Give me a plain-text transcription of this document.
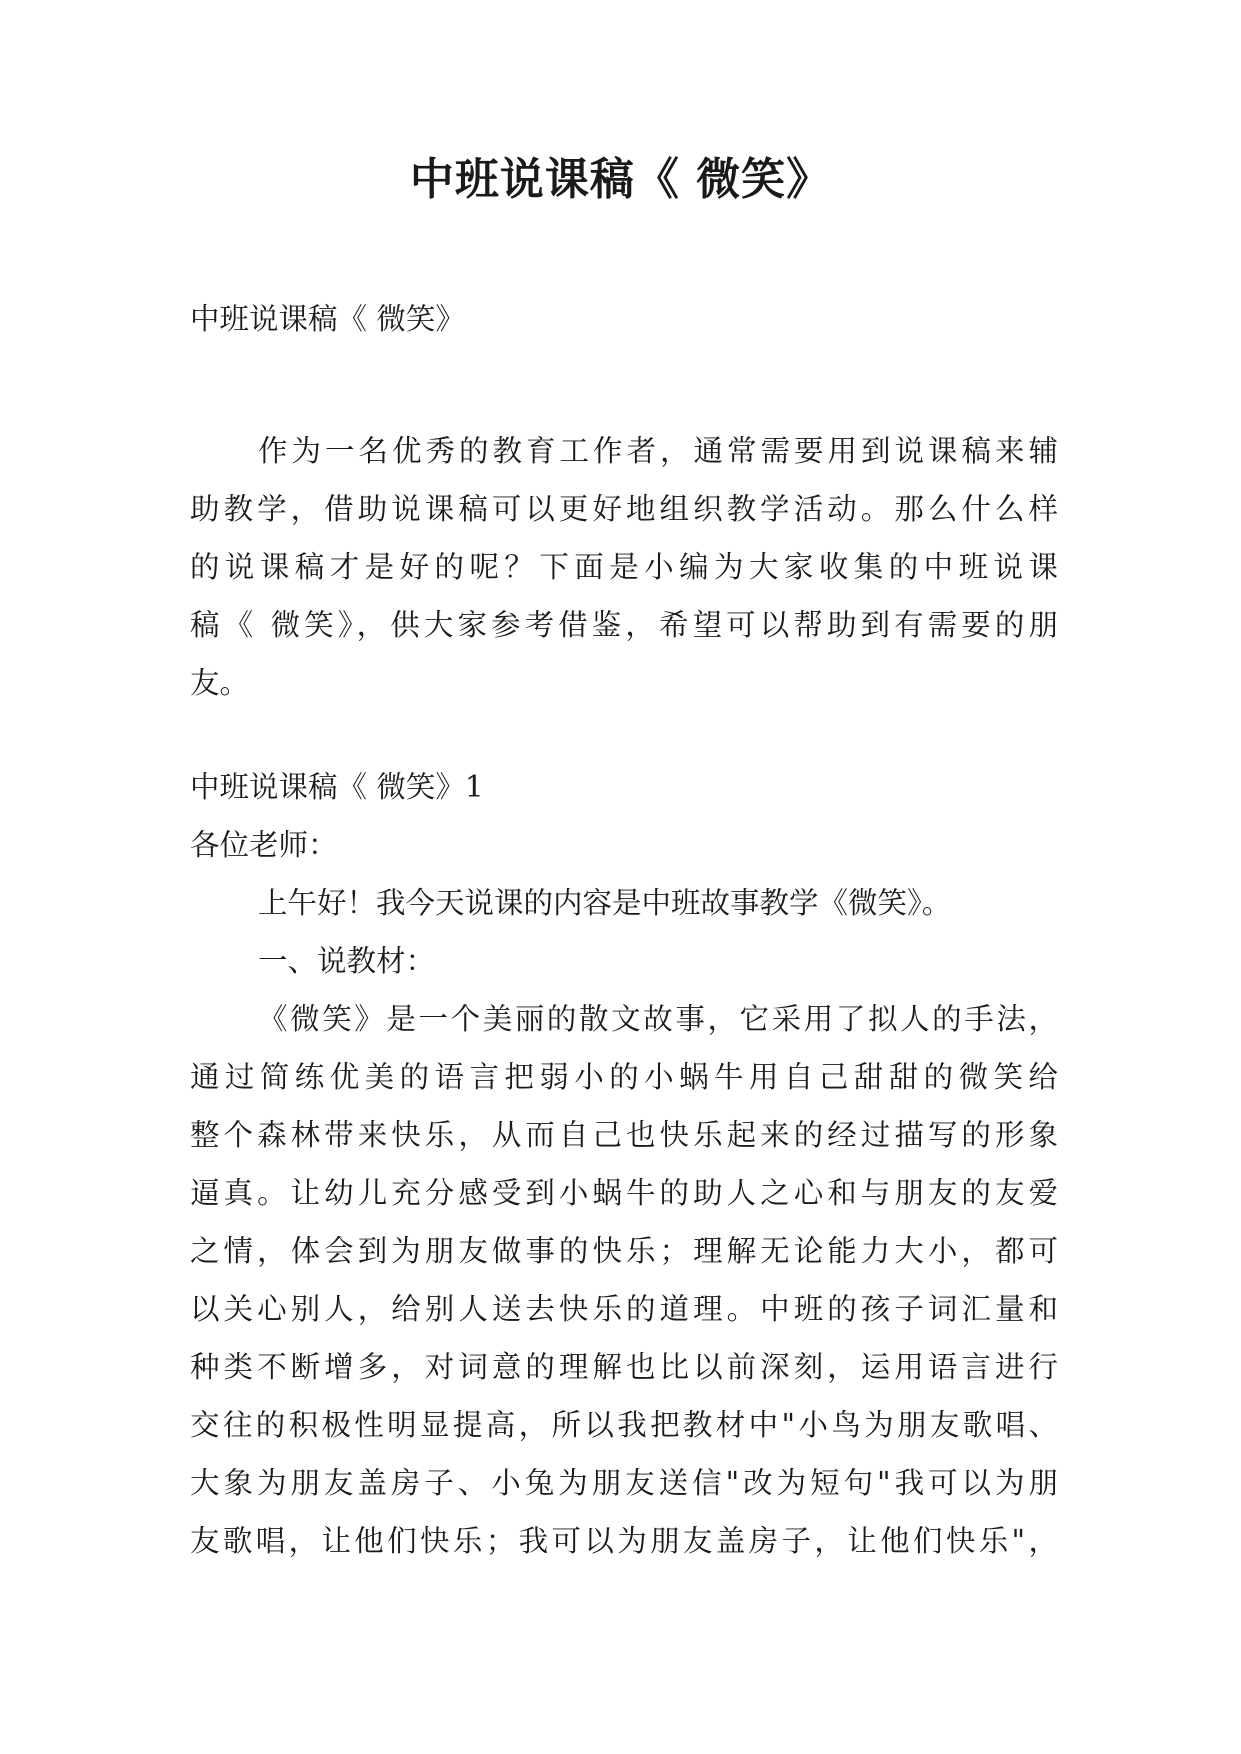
中班说课稿《 微笑》
中班说课稿《 微笑》
作为一名优秀的教育工作者，通常需要用到说课稿来辅
助教学，借助说课稿可以更好地组织教学活动。那么什么样
的说课稿才是好的呢？下面是小编为大家收集的中班说课
稿《 微笑》，供大家参考借鉴，希望可以帮助到有需要的朋
友。
中班说课稿《 微笑》1
各位老师：
上午好！我今天说课的内容是中班故事教学《微笑》。
一、说教材：
《微笑》是一个美丽的散文故事，它采用了拟人的手法，
通过简练优美的语言把弱小的小蜗牛用自己甜甜的微笑给
整个森林带来快乐，从而自己也快乐起来的经过描写的形象
逼真。让幼儿充分感受到小蜗牛的助人之心和与朋友的友爱
之情，体会到为朋友做事的快乐；理解无论能力大小，都可
以关心别人，给别人送去快乐的道理。中班的孩子词汇量和
种类不断增多，对词意的理解也比以前深刻，运用语言进行
交往的积极性明显提高，所以我把教材中"小鸟为朋友歌唱、
大象为朋友盖房子、小兔为朋友送信"改为短句"我可以为朋
友歌唱，让他们快乐；我可以为朋友盖房子，让他们快乐"，
